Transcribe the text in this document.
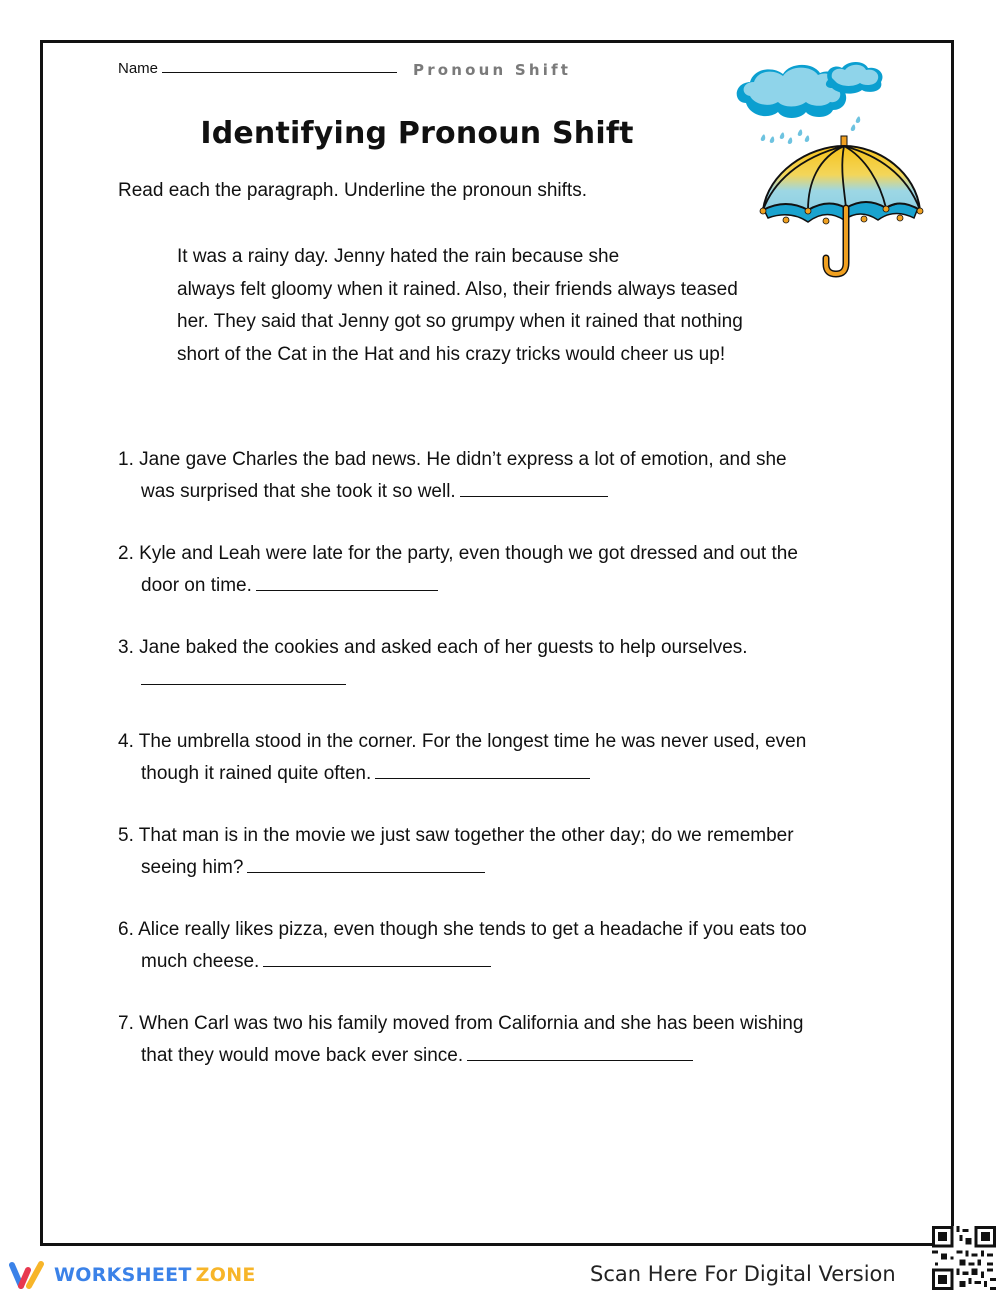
Name	Pronoun Shift
Identifying Pronoun Shift
Read each the paragraph. Underline the pronoun shifts.
It was a rainy day. Jenny hated the rain because she
always felt gloomy when it rained. Also, their friends always teased
her. They said that Jenny got so grumpy when it rained that nothing
short of the Cat in the Hat and his crazy tricks would cheer us up!
1. Jane gave Charles the bad news. He didn’t express a lot of emotion, and she
was surprised that she took it so well.
2. Kyle and Leah were late for the party, even though we got dressed and out the
door on time.
3. Jane baked the cookies and asked each of her guests to help ourselves.
4. The umbrella stood in the corner. For the longest time he was never used, even
though it rained quite often.
5. That man is in the movie we just saw together the other day; do we remember
seeing him?
6. Alice really likes pizza, even though she tends to get a headache if you eats too
much cheese.
7. When Carl was two his family moved from California and she has been wishing
that they would move back ever since.
WORKSHEET ZONE	Scan Here For Digital Version
